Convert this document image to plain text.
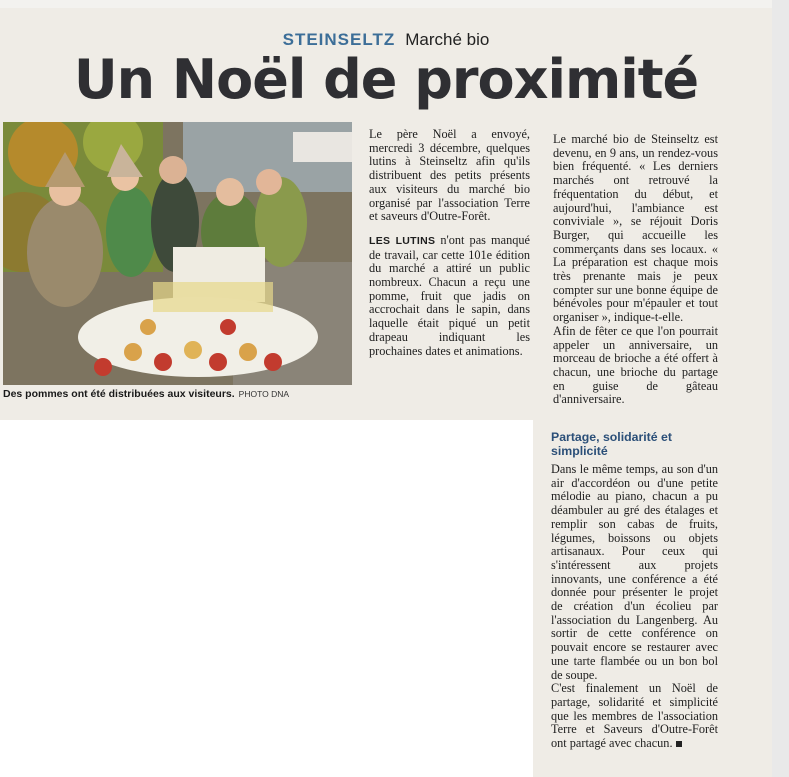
STEINSELTZ Marché bio
Un Noël de proximité
Des pommes ont été distribuées aux visiteurs. PHOTO DNA

Le père Noël a envoyé, mercredi 3 décembre, quelques lutins à Steinseltz afin qu'ils distribuent des petits présents aux visiteurs du marché bio organisé par l'association Terre et saveurs d'Outre-Forêt.

LES LUTINS n'ont pas manqué de travail, car cette 101e édition du marché a attiré un public nombreux. Chacun a reçu une pomme, fruit que jadis on accrochait dans le sapin, dans laquelle était piqué un petit drapeau indiquant les prochaines dates et animations.

Le marché bio de Steinseltz est devenu, en 9 ans, un rendez-vous bien fréquenté. « Les derniers marchés ont retrouvé la fréquentation du début, et aujourd'hui, l'ambiance est conviviale », se réjouit Doris Burger, qui accueille les commerçants dans ses locaux. « La préparation est chaque mois très prenante mais je peux compter sur une bonne équipe de bénévoles pour m'épauler et tout organiser », indique-t-elle.

Afin de fêter ce que l'on pourrait appeler un anniversaire, un morceau de brioche a été offert à chacun, une brioche du partage en guise de gâteau d'anniversaire.

Partage, solidarité et simplicité

Dans le même temps, au son d'un air d'accordéon ou d'une petite mélodie au piano, chacun a pu déambuler au gré des étalages et remplir son cabas de fruits, légumes, boissons ou objets artisanaux. Pour ceux qui s'intéressent aux projets innovants, une conférence a été donnée pour présenter le projet de création d'un écolieu par l'association du Langenberg. Au sortir de cette conférence on pouvait encore se restaurer avec une tarte flambée ou un bon bol de soupe.

C'est finalement un Noël de partage, solidarité et simplicité que les membres de l'association Terre et Saveurs d'Outre-Forêt ont partagé avec chacun.
